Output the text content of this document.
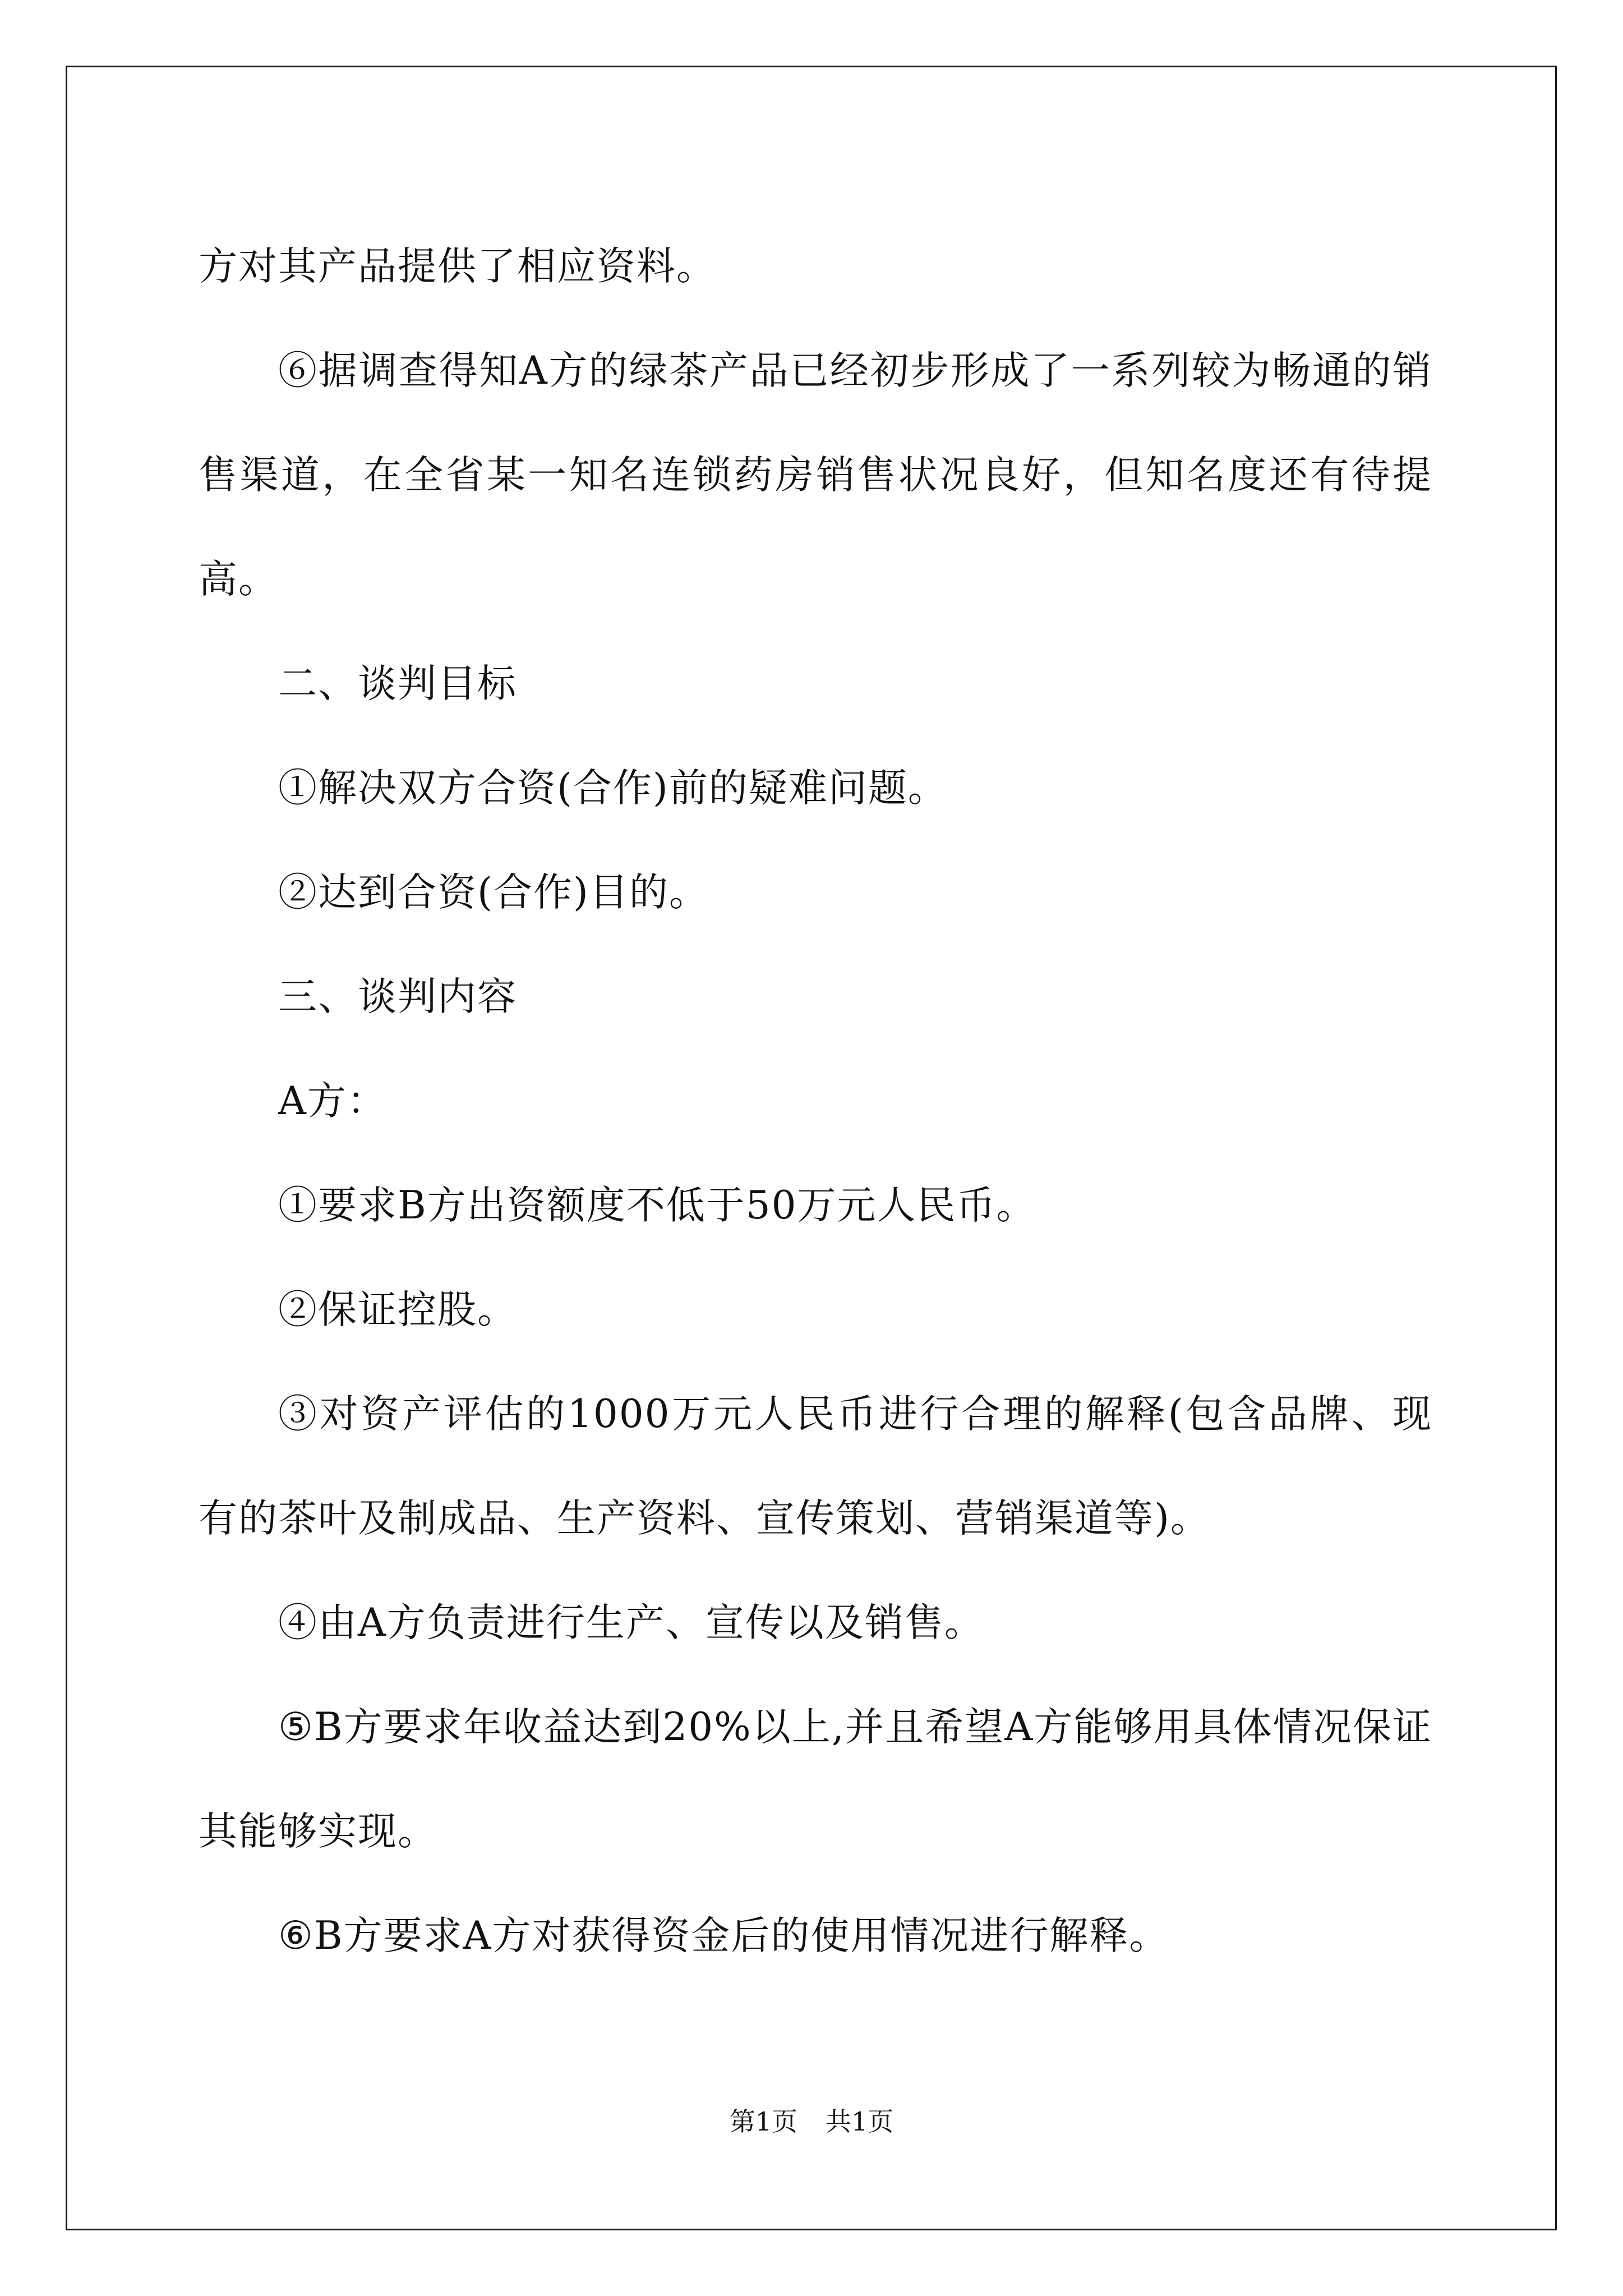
方对其产品提供了相应资料。

⑥据调查得知A方的绿茶产品已经初步形成了一系列较为畅通的销售渠道，在全省某一知名连锁药房销售状况良好，但知名度还有待提高。

二、谈判目标

①解决双方合资(合作)前的疑难问题。

②达到合资(合作)目的。

三、谈判内容

A方：

①要求B方出资额度不低于50万元人民币。

②保证控股。

③对资产评估的1000万元人民币进行合理的解释(包含品牌、现有的茶叶及制成品、生产资料、宣传策划、营销渠道等)。

④由A方负责进行生产、宣传以及销售。

⑤B方要求年收益达到20%以上,并且希望A方能够用具体情况保证其能够实现。

⑥B方要求A方对获得资金后的使用情况进行解释。

第1页 共1页
